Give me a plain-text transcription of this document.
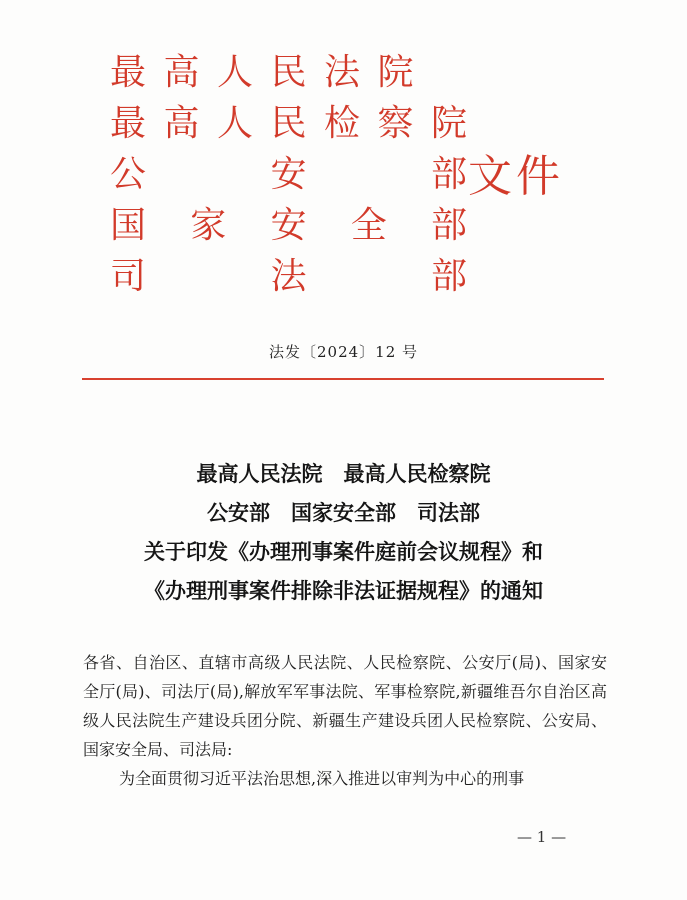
最 高 人 民 法 院
最 高 人 民 检 察 院
公	安	部
国 家 安 全 部
司	法	部
文件
法发〔2024〕12 号
最高人民法院　最高人民检察院
公安部　国家安全部　司法部
关于印发《办理刑事案件庭前会议规程》和
《办理刑事案件排除非法证据规程》的通知

各省、自治区、直辖市高级人民法院、人民检察院、公安厅(局)、国家安全厅(局)、司法厅(局),解放军军事法院、军事检察院,新疆维吾尔自治区高级人民法院生产建设兵团分院、新疆生产建设兵团人民检察院、公安局、国家安全局、司法局:

为全面贯彻习近平法治思想,深入推进以审判为中心的刑事

— 1 —
